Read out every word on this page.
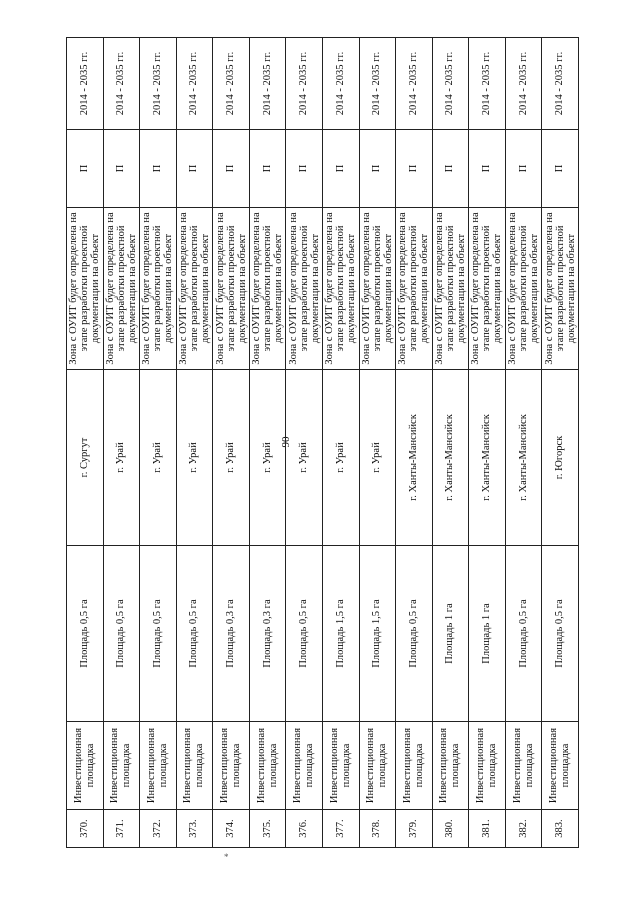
90
*
370.	Инвестиционная площадка	Площадь 0,5 га	г. Сургут	Зона с ОУИТ будет определена на этапе разработки проектной документации на объект	П	2014 - 2035 гг.
371.	Инвестиционная площадка	Площадь 0,5 га	г. Урай	Зона с ОУИТ будет определена на этапе разработки проектной документации на объект	П	2014 - 2035 гг.
372.	Инвестиционная площадка	Площадь 0,5 га	г. Урай	Зона с ОУИТ будет определена на этапе разработки проектной документации на объект	П	2014 - 2035 гг.
373.	Инвестиционная площадка	Площадь 0,5 га	г. Урай	Зона с ОУИТ будет определена на этапе разработки проектной документации на объект	П	2014 - 2035 гг.
374.	Инвестиционная площадка	Площадь 0,3 га	г. Урай	Зона с ОУИТ будет определена на этапе разработки проектной документации на объект	П	2014 - 2035 гг.
375.	Инвестиционная площадка	Площадь 0,3 га	г. Урай	Зона с ОУИТ будет определена на этапе разработки проектной документации на объект	П	2014 - 2035 гг.
376.	Инвестиционная площадка	Площадь 0,5 га	г. Урай	Зона с ОУИТ будет определена на этапе разработки проектной документации на объект	П	2014 - 2035 гг.
377.	Инвестиционная площадка	Площадь 1,5 га	г. Урай	Зона с ОУИТ будет определена на этапе разработки проектной документации на объект	П	2014 - 2035 гг.
378.	Инвестиционная площадка	Площадь 1,5 га	г. Урай	Зона с ОУИТ будет определена на этапе разработки проектной документации на объект	П	2014 - 2035 гг.
379.	Инвестиционная площадка	Площадь 0,5 га	г. Ханты-Мансийск	Зона с ОУИТ будет определена на этапе разработки проектной документации на объект	П	2014 - 2035 гг.
380.	Инвестиционная площадка	Площадь 1 га	г. Ханты-Мансийск	Зона с ОУИТ будет определена на этапе разработки проектной документации на объект	П	2014 - 2035 гг.
381.	Инвестиционная площадка	Площадь 1 га	г. Ханты-Мансийск	Зона с ОУИТ будет определена на этапе разработки проектной документации на объект	П	2014 - 2035 гг.
382.	Инвестиционная площадка	Площадь 0,5 га	г. Ханты-Мансийск	Зона с ОУИТ будет определена на этапе разработки проектной документации на объект	П	2014 - 2035 гг.
383.	Инвестиционная площадка	Площадь 0,5 га	г. Югорск	Зона с ОУИТ будет определена на этапе разработки проектной документации на объект	П	2014 - 2035 гг.
